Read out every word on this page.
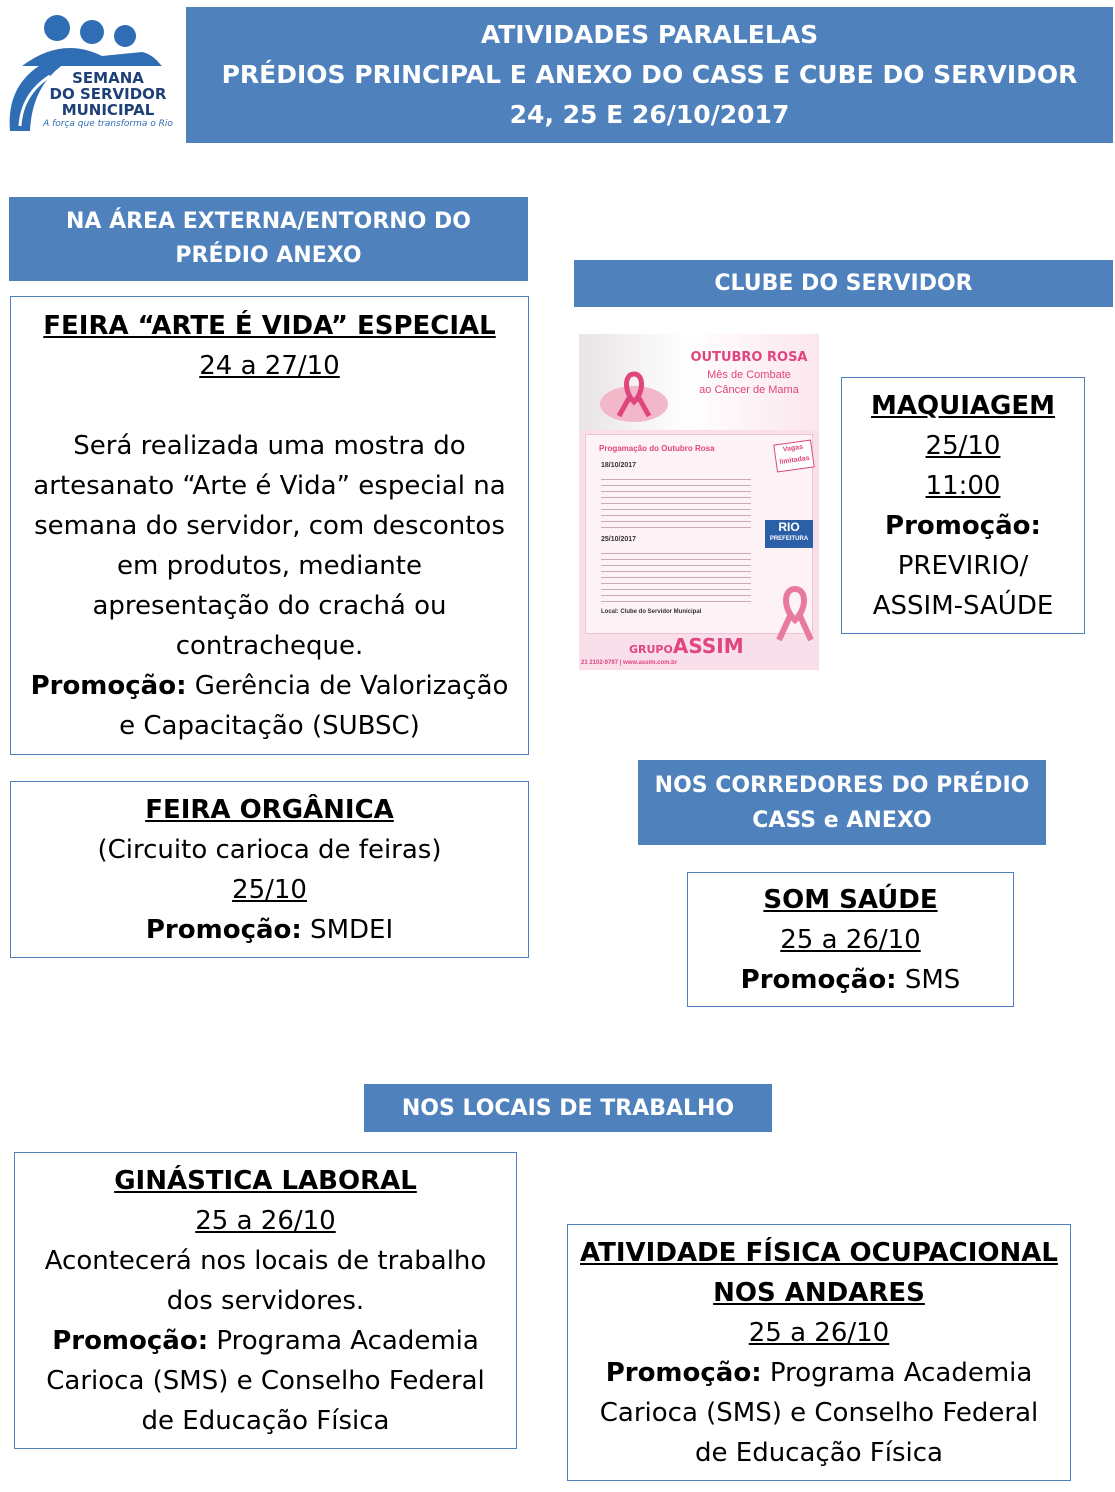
SEMANA
DO SERVIDOR
MUNICIPAL
A força que transforma o Rio
ATIVIDADES PARALELAS
PRÉDIOS PRINCIPAL E ANEXO DO CASS E CUBE DO SERVIDOR
24, 25 E 26/10/2017
NA ÁREA EXTERNA/ENTORNO DO
PRÉDIO ANEXO

FEIRA “ARTE É VIDA” ESPECIAL

24 a 27/10

Será realizada uma mostra do

artesanato “Arte é Vida” especial na

semana do servidor, com descontos

em produtos, mediante

apresentação do crachá ou

contracheque.

Promoção: Gerência de Valorização

e Capacitação (SUBSC)

FEIRA ORGÂNICA

(Circuito carioca de feiras)

25/10

Promoção: SMDEI

CLUBE DO SERVIDOR
OUTUBRO ROSA
Mês de Combate
ao Câncer de Mama
Progamação do Outubro Rosa	Vagas
limitadas
18/10/2017
25/10/2017
Local: Clube do Servidor Municipal
RIO
PREFEITURA
GRUPOASSIM
21 2102-9797 | www.assim.com.br

MAQUIAGEM

25/10

11:00

Promoção:

PREVIRIO/

ASSIM-SAÚDE

NOS CORREDORES DO PRÉDIO
CASS e ANEXO

SOM SAÚDE

25 a 26/10

Promoção: SMS

NOS LOCAIS DE TRABALHO

GINÁSTICA LABORAL

25 a 26/10

Acontecerá nos locais de trabalho

dos servidores.

Promoção: Programa Academia

Carioca (SMS) e Conselho Federal

de Educação Física

ATIVIDADE FÍSICA OCUPACIONAL

NOS ANDARES

25 a 26/10

Promoção: Programa Academia

Carioca (SMS) e Conselho Federal

de Educação Física
